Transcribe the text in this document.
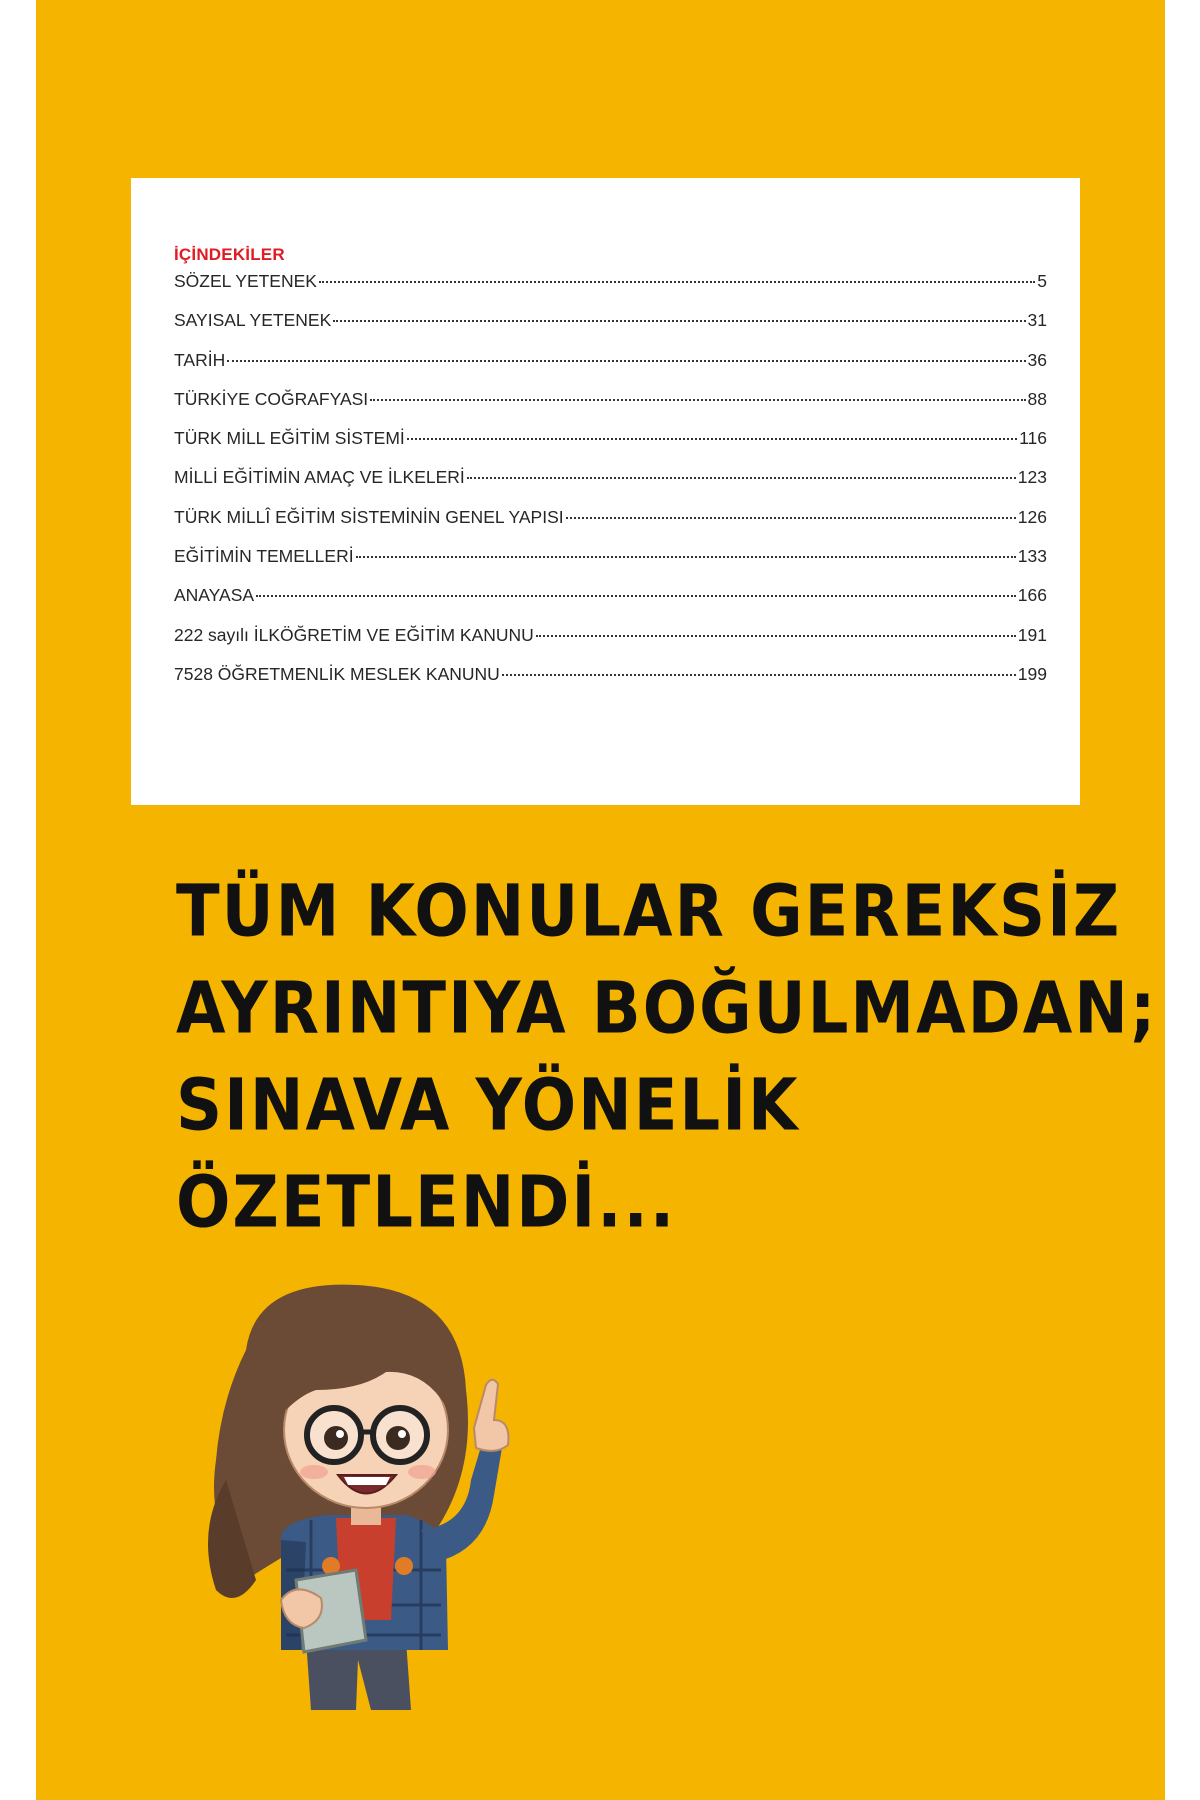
İÇİNDEKİLER
SÖZEL YETENEK	5
SAYISAL YETENEK	31
TARİH	36
TÜRKİYE COĞRAFYASI	88
TÜRK MİLL EĞİTİM SİSTEMİ	116
MİLLİ EĞİTİMİN AMAÇ VE İLKELERİ	123
TÜRK MİLLÎ EĞİTİM SİSTEMİNİN GENEL YAPISI	126
EĞİTİMİN TEMELLERİ	133
ANAYASA	166
222 sayılı İLKÖĞRETİM VE EĞİTİM KANUNU	191
7528 ÖĞRETMENLİK MESLEK KANUNU	199
TÜM KONULAR GEREKSİZ
AYRINTIYA BOĞULMADAN;
SINAVA YÖNELİK
ÖZETLENDİ...
